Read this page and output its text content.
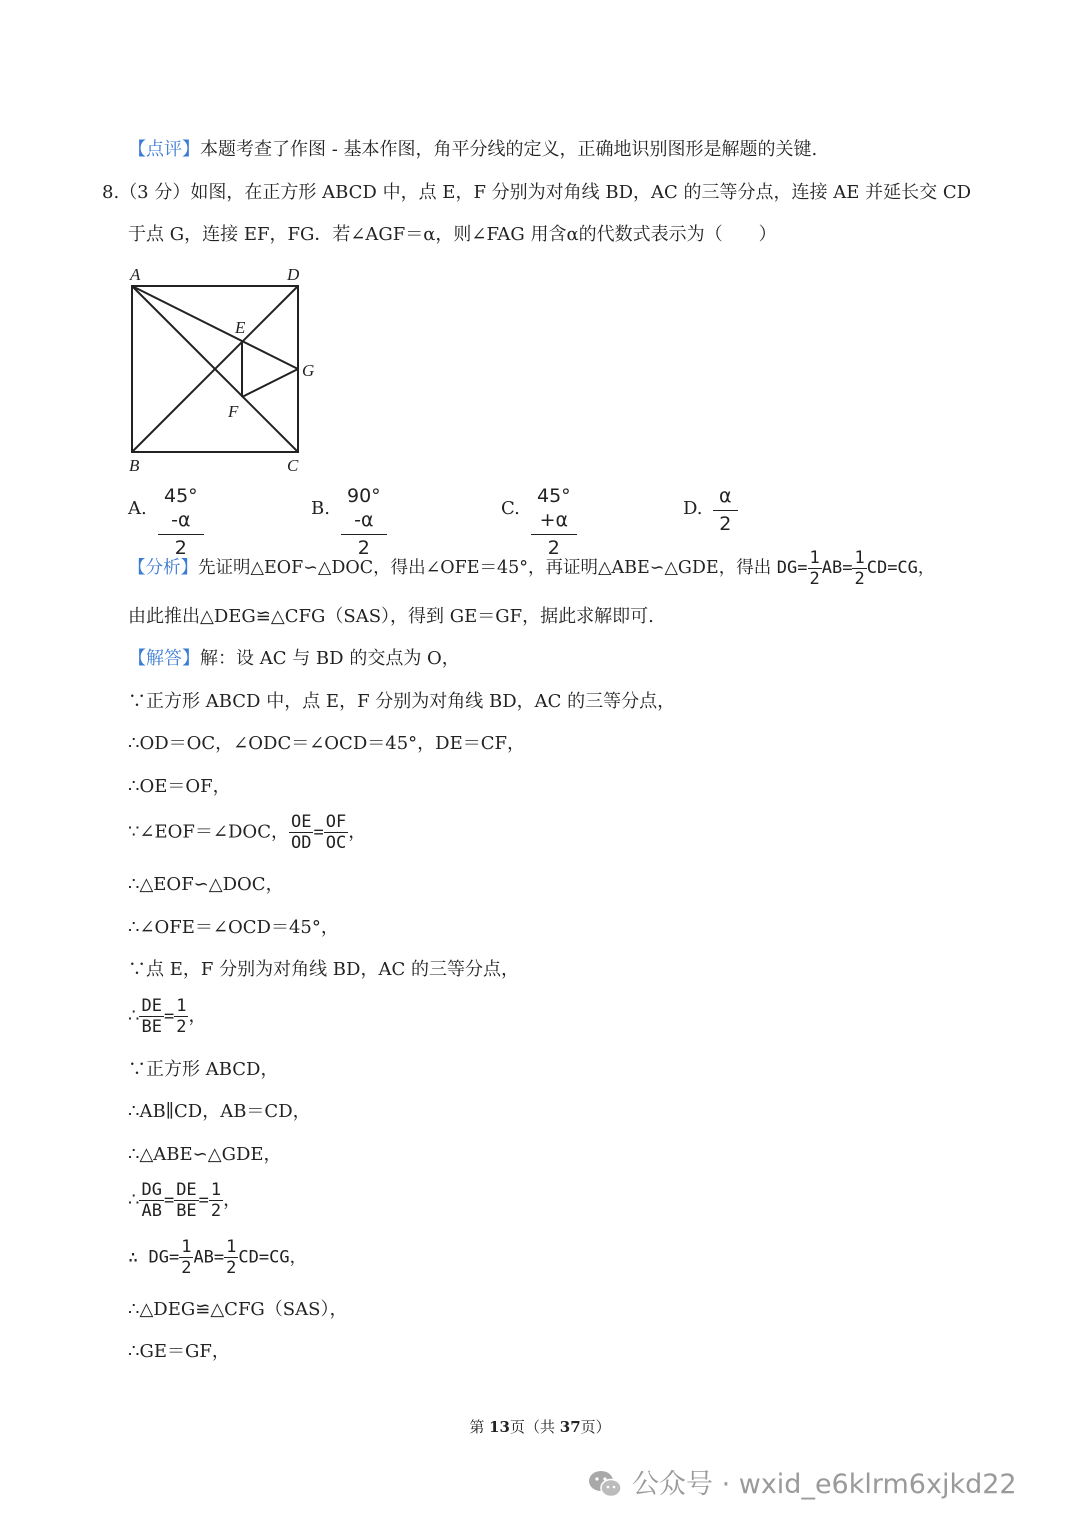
【点评】本题考查了作图 - 基本作图，角平分线的定义，正确地识别图形是解题的关键.
8.（3 分）如图，在正方形 ABCD 中，点 E，F 分别为对角线 BD，AC 的三等分点，连接 AE 并延长交 CD
于点 G，连接 EF，FG．若∠AGF＝α，则∠FAG 用含α的代数式表示为（　　）
A	D
B	C
E
F
G
A. $\frac{45^\circ -\alpha}{2}$	B. $\frac{90^\circ -\alpha}{2}$	C. $\frac{45^\circ +\alpha}{2}$	D. $\frac{\alpha}{2}$
【分析】先证明△EOF∽△DOC，得出∠OFE＝45°，再证明△ABE∽△GDE，得出 $DG= \frac{1}{2} AB= \frac{1}{2} CD=CG$，
由此推出△DEG≌△CFG（SAS），得到 GE＝GF，据此求解即可.
【解答】解：设 AC 与 BD 的交点为 O，
∵正方形 ABCD 中，点 E，F 分别为对角线 BD，AC 的三等分点，
∴OD＝OC，∠ODC＝∠OCD＝45°，DE＝CF，
∴OE＝OF，
∵∠EOF＝∠DOC， $\frac{OE}{OD} = \frac{OF}{OC}$ ，
∴△EOF∽△DOC，
∴∠OFE＝∠OCD＝45°，
∵点 E，F 分别为对角线 BD，AC 的三等分点，
∴ $\frac{DE}{BE} = \frac{1}{2}$ ，
∵正方形 ABCD，
∴AB∥CD，AB＝CD，
∴△ABE∽△GDE，
∴ $\frac{DG}{AB} = \frac{DE}{BE} = \frac{1}{2}$ ，
∴ $DG= \frac{1}{2} AB= \frac{1}{2} CD=CG$，
∴△DEG≌△CFG（SAS），
∴GE＝GF，
第 13页（共 37页）
公众号 · wxid_e6klrm6xjkd22
